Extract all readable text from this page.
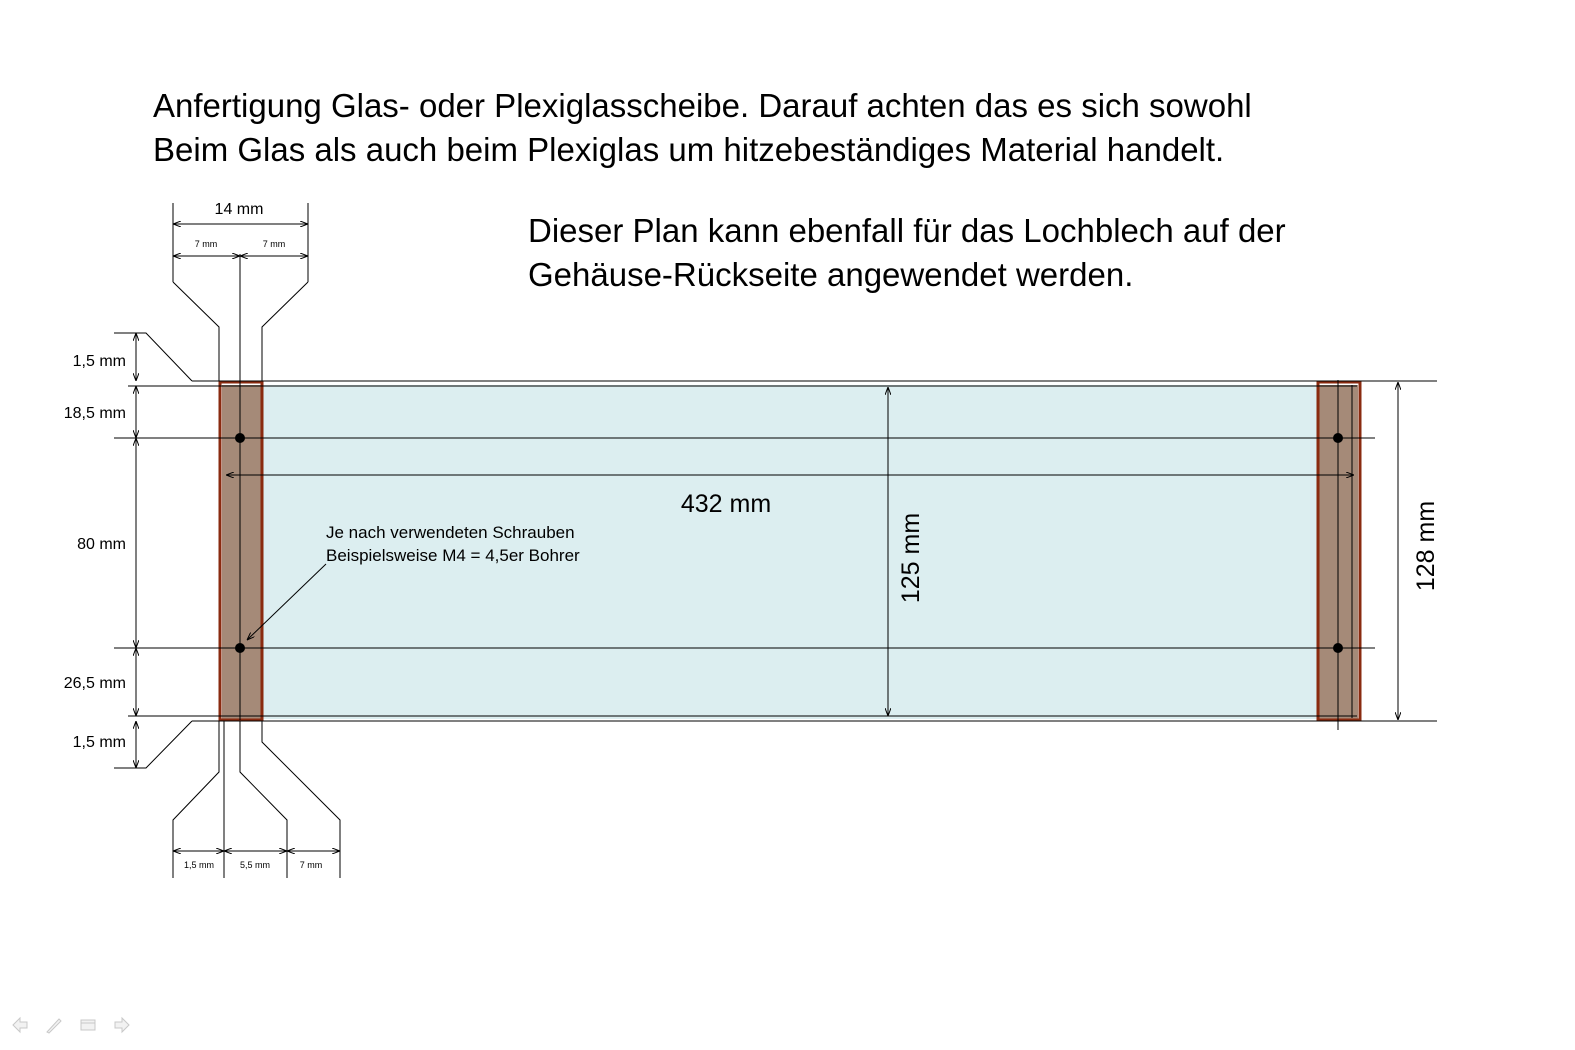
Anfertigung Glas- oder Plexiglasscheibe. Darauf achten das es sich sowohl
Beim Glas als auch beim Plexiglas um hitzebeständiges Material handelt.
Dieser Plan kann ebenfall für das Lochblech auf der
Gehäuse-Rückseite angewendet werden.
14 mm
7 mm	7 mm
1,5 mm
18,5 mm
80 mm
26,5 mm
1,5 mm
1,5 mm	5,5 mm	7 mm
432 mm
125 mm	128 mm
Je nach verwendeten Schrauben
Beispielsweise M4 = 4,5er Bohrer
